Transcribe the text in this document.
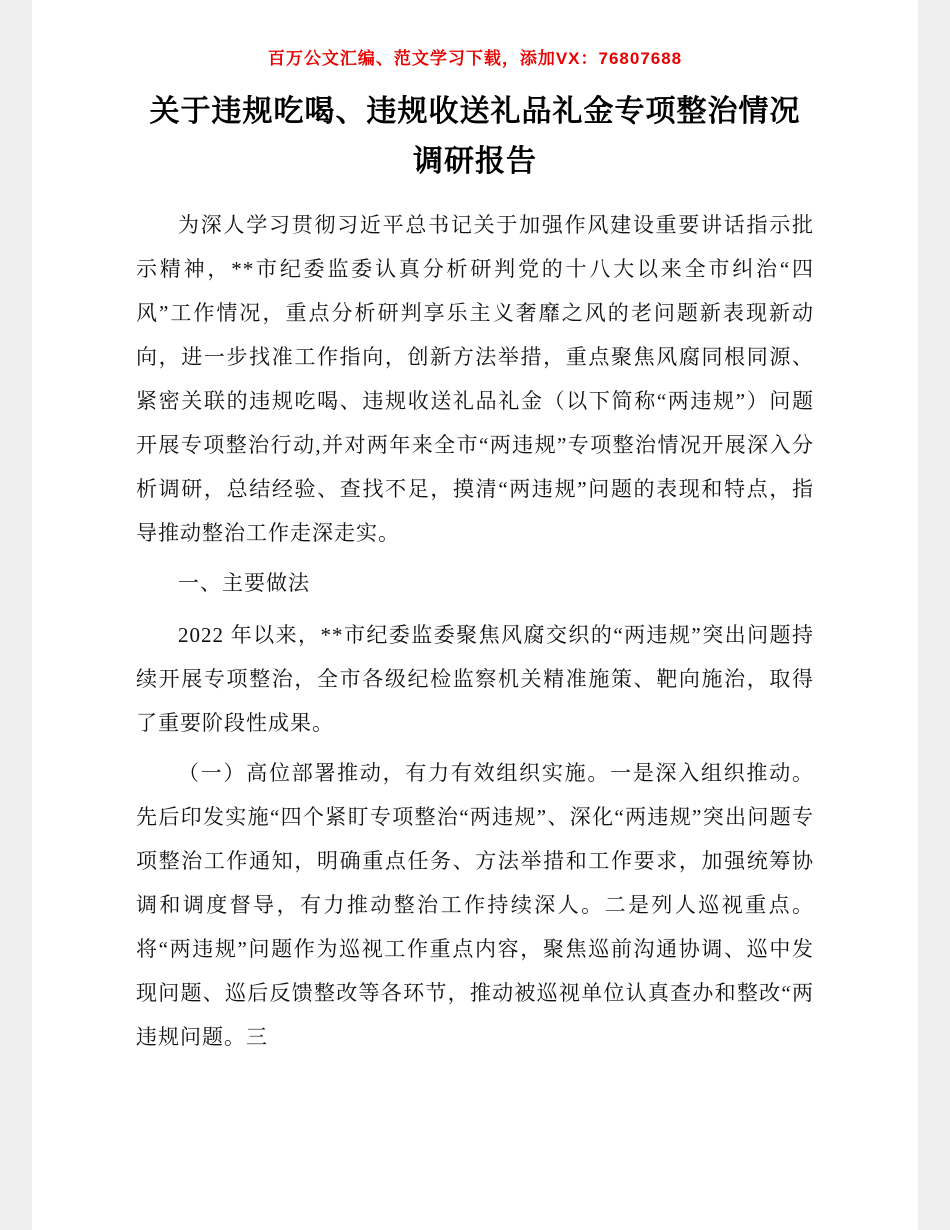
百万公文汇编、范文学习下载，添加VX：76807688
关于违规吃喝、违规收送礼品礼金专项整治情况调研报告

为深人学习贯彻习近平总书记关于加强作风建设重要讲话指示批示精神，**市纪委监委认真分析研判党的十八大以来全市纠治“四风”工作情况，重点分析研判享乐主义奢靡之风的老问题新表现新动向，进一步找准工作指向，创新方法举措，重点聚焦风腐同根同源、紧密关联的违规吃喝、违规收送礼品礼金（以下简称“两违规”）问题开展专项整治行动,并对两年来全市“两违规”专项整治情况开展深入分析调研，总结经验、查找不足，摸清“两违规”问题的表现和特点，指导推动整治工作走深走实。

一、主要做法

2022 年以来，**市纪委监委聚焦风腐交织的“两违规”突出问题持续开展专项整治，全市各级纪检监察机关精准施策、靶向施治，取得了重要阶段性成果。

（一）高位部署推动，有力有效组织实施。一是深入组织推动。先后印发实施“四个紧盯专项整治“两违规”、深化“两违规”突出问题专项整治工作通知，明确重点任务、方法举措和工作要求，加强统筹协调和调度督导，有力推动整治工作持续深人。二是列人巡视重点。将“两违规”问题作为巡视工作重点内容，聚焦巡前沟通协调、巡中发现问题、巡后反馈整改等各环节，推动被巡视单位认真查办和整改“两违规问题。三
